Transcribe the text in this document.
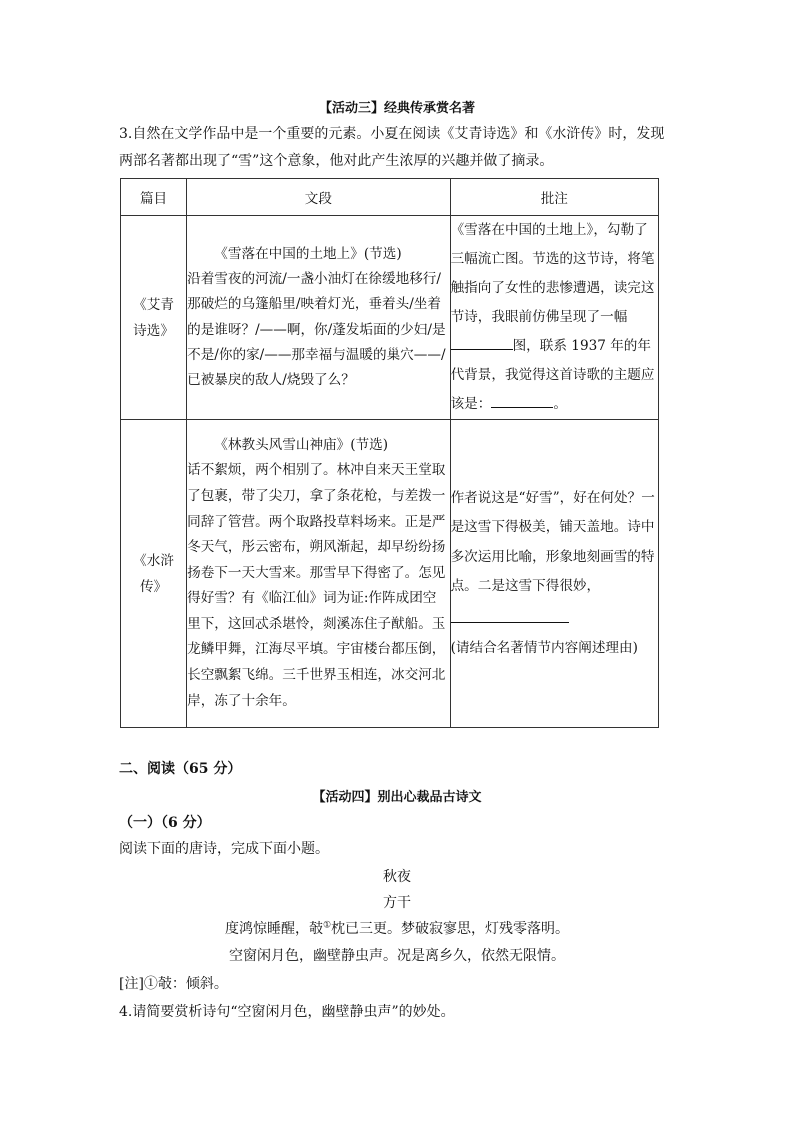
【活动三】经典传承赏名著
3.自然在文学作品中是一个重要的元素。小夏在阅读《艾青诗选》和《水浒传》时，发现
两部名著都出现了“雪”这个意象，他对此产生浓厚的兴趣并做了摘录。
篇目	文段	批注
《艾青
诗选》	《雪落在中国的土地上》(节选)
沿着雪夜的河流/一盏小油灯在徐缓地移行/那破烂的乌篷船里/映着灯光，垂着头/坐着的是谁呀？/——啊，你/蓬发垢面的少妇/是不是/你的家/——那幸福与温暖的巢穴——/已被暴戾的敌人/烧毁了么？	《雪落在中国的土地上》，勾勒了三幅流亡图。节选的这节诗，将笔触指向了女性的悲惨遭遇，读完这节诗，我眼前仿佛呈现了一幅图，联系 1937 年的年代背景，我觉得这首诗歌的主题应该是： 。
《水浒
传》	《林教头风雪山神庙》(节选)
话不絮烦，两个相别了。林冲自来天王堂取了包裹，带了尖刀，拿了条花枪，与差拨一同辞了管营。两个取路投草料场来。正是严冬天气，彤云密布，朔风渐起，却早纷纷扬扬卷下一天大雪来。那雪早下得密了。怎见得好雪？有《临江仙》词为证:作阵成团空里下，这回忒杀堪怜，剡溪冻住子猷船。玉龙鳞甲舞，江海尽平填。宇宙楼台都压倒，长空飘絮飞绵。三千世界玉相连，冰交河北岸，冻了十余年。	作者说这是“好雪”，好在何处？一是这雪下得极美，铺天盖地。诗中多次运用比喻，形象地刻画雪的特点。二是这雪下得很妙，
(请结合名著情节内容阐述理由)
二、阅读（65 分）
【活动四】别出心裁品古诗文
（一）（6 分）
阅读下面的唐诗，完成下面小题。
秋夜
方干
度鸿惊睡醒，攲①枕已三更。梦破寂寥思，灯残零落明。
空窗闲月色，幽壁静虫声。况是离乡久，依然无限情。
[注]①攲：倾斜。
4.请简要赏析诗句“空窗闲月色，幽壁静虫声”的妙处。
